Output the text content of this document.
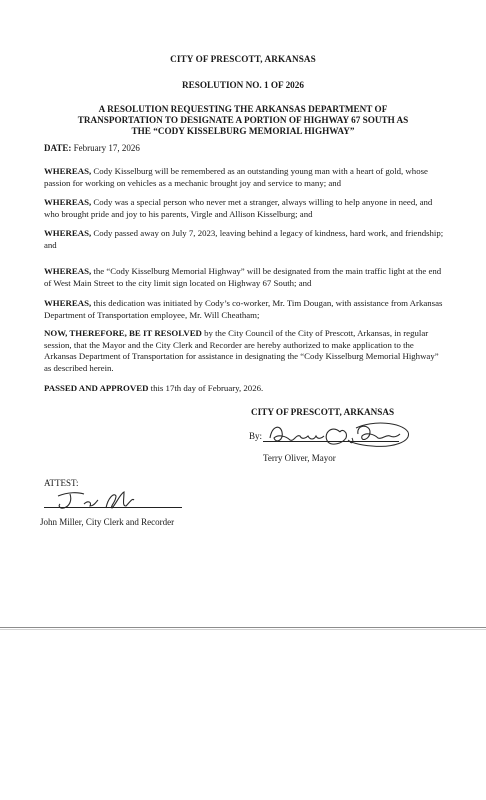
CITY OF PRESCOTT, ARKANSAS
RESOLUTION NO. 1 OF 2026
A RESOLUTION REQUESTING THE ARKANSAS DEPARTMENT OF
TRANSPORTATION TO DESIGNATE A PORTION OF HIGHWAY 67 SOUTH AS
THE “CODY KISSELBURG MEMORIAL HIGHWAY”
DATE: February 17, 2026
WHEREAS, Cody Kisselburg will be remembered as an outstanding young man with a heart of gold, whose passion for working on vehicles as a mechanic brought joy and service to many; and
WHEREAS, Cody was a special person who never met a stranger, always willing to help anyone in need, and who brought pride and joy to his parents, Virgle and Allison Kisselburg; and
WHEREAS, Cody passed away on July 7, 2023, leaving behind a legacy of kindness, hard work, and friendship; and
WHEREAS, the “Cody Kisselburg Memorial Highway” will be designated from the main traffic light at the end of West Main Street to the city limit sign located on Highway 67 South; and
WHEREAS, this dedication was initiated by Cody’s co-worker, Mr. Tim Dougan, with assistance from Arkansas Department of Transportation employee, Mr. Will Cheatham;
NOW, THEREFORE, BE IT RESOLVED by the City Council of the City of Prescott, Arkansas, in regular session, that the Mayor and the City Clerk and Recorder are hereby authorized to make application to the Arkansas Department of Transportation for assistance in designating the “Cody Kisselburg Memorial Highway” as described herein.
PASSED AND APPROVED this 17th day of February, 2026.
CITY OF PRESCOTT, ARKANSAS
By:
Terry Oliver, Mayor
ATTEST:
John Miller, City Clerk and Recorder
